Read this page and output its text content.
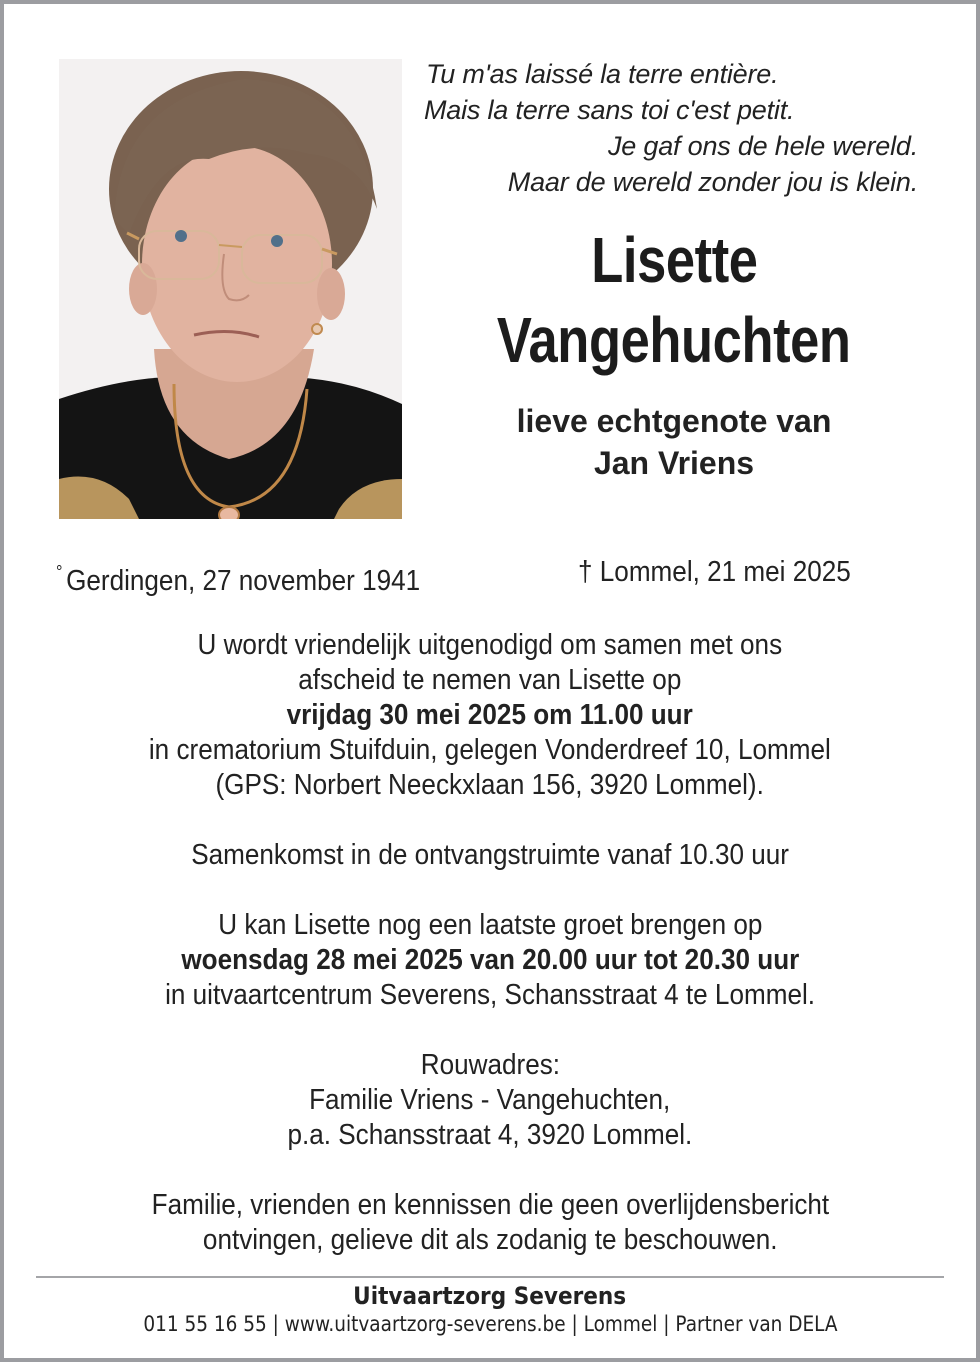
Tu m'as laissé la terre entière.
Mais la terre sans toi c'est petit.
Je gaf ons de hele wereld.
Maar de wereld zonder jou is klein.
Lisette
Vangehuchten
lieve echtgenote van
Jan Vriens
° Gerdingen, 27 november 1941	† Lommel, 21 mei 2025
U wordt vriendelijk uitgenodigd om samen met ons
afscheid te nemen van Lisette op
vrijdag 30 mei 2025 om 11.00 uur
in crematorium Stuifduin, gelegen Vonderdreef 10, Lommel
(GPS: Norbert Neeckxlaan 156, 3920 Lommel).
Samenkomst in de ontvangstruimte vanaf 10.30 uur
U kan Lisette nog een laatste groet brengen op
woensdag 28 mei 2025 van 20.00 uur tot 20.30 uur
in uitvaartcentrum Severens, Schansstraat 4 te Lommel.
Rouwadres:
Familie Vriens - Vangehuchten,
p.a. Schansstraat 4, 3920 Lommel.
Familie, vrienden en kennissen die geen overlijdensbericht
ontvingen, gelieve dit als zodanig te beschouwen.
Uitvaartzorg Severens
011 55 16 55 | www.uitvaartzorg-severens.be | Lommel | Partner van DELA
